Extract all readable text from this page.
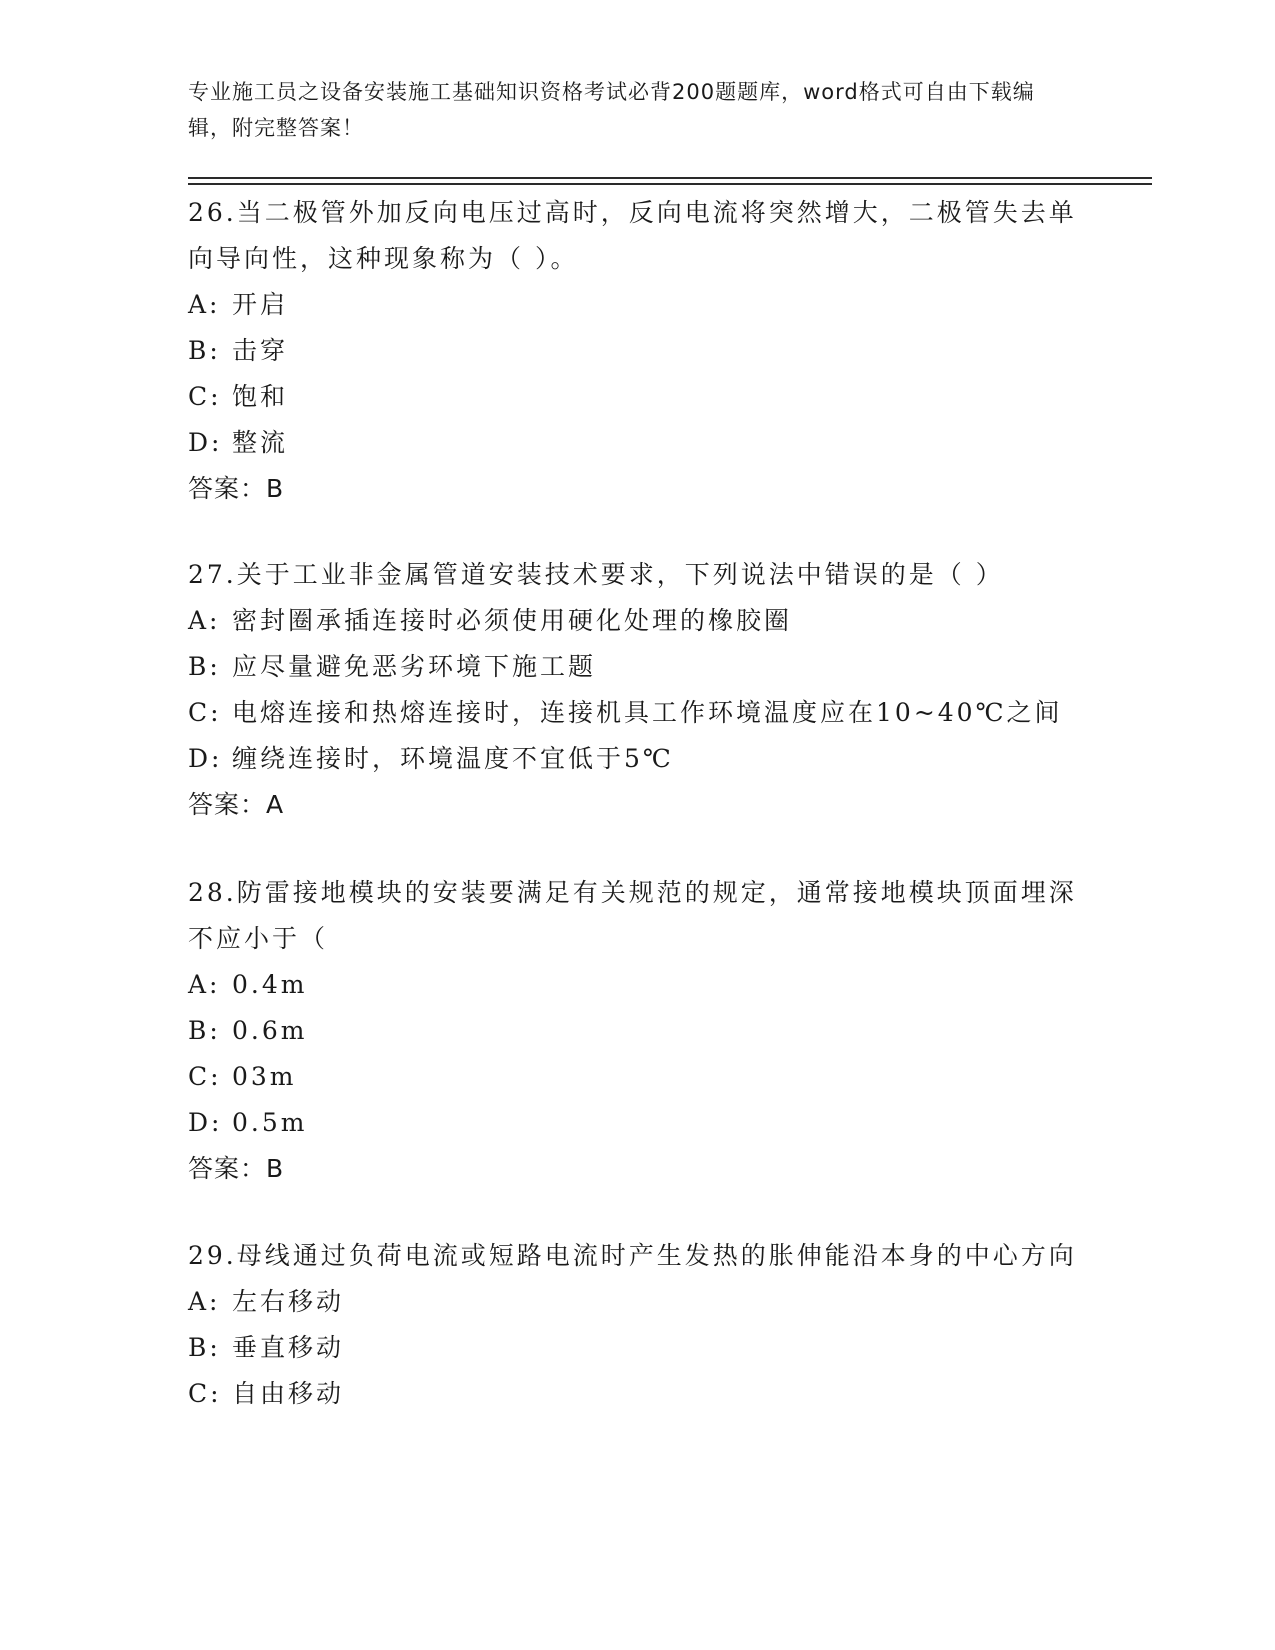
专业施工员之设备安装施工基础知识资格考试必背200题题库，word格式可自由下载编辑，附完整答案！
26.当二极管外加反向电压过高时，反向电流将突然增大，二极管失去单向导向性，这种现象称为（ ）。
A: 开启
B: 击穿
C: 饱和
D: 整流
答案：B
27.关于工业非金属管道安装技术要求，下列说法中错误的是（ ）
A: 密封圈承插连接时必须使用硬化处理的橡胶圈
B: 应尽量避免恶劣环境下施工题
C: 电熔连接和热熔连接时，连接机具工作环境温度应在10~40℃之间
D: 缠绕连接时，环境温度不宜低于5℃
答案：A
28.防雷接地模块的安装要满足有关规范的规定，通常接地模块顶面埋深不应小于（
A: 0.4m
B: 0.6m
C: 03m
D: 0.5m
答案：B
29.母线通过负荷电流或短路电流时产生发热的胀伸能沿本身的中心方向
A: 左右移动
B: 垂直移动
C: 自由移动
